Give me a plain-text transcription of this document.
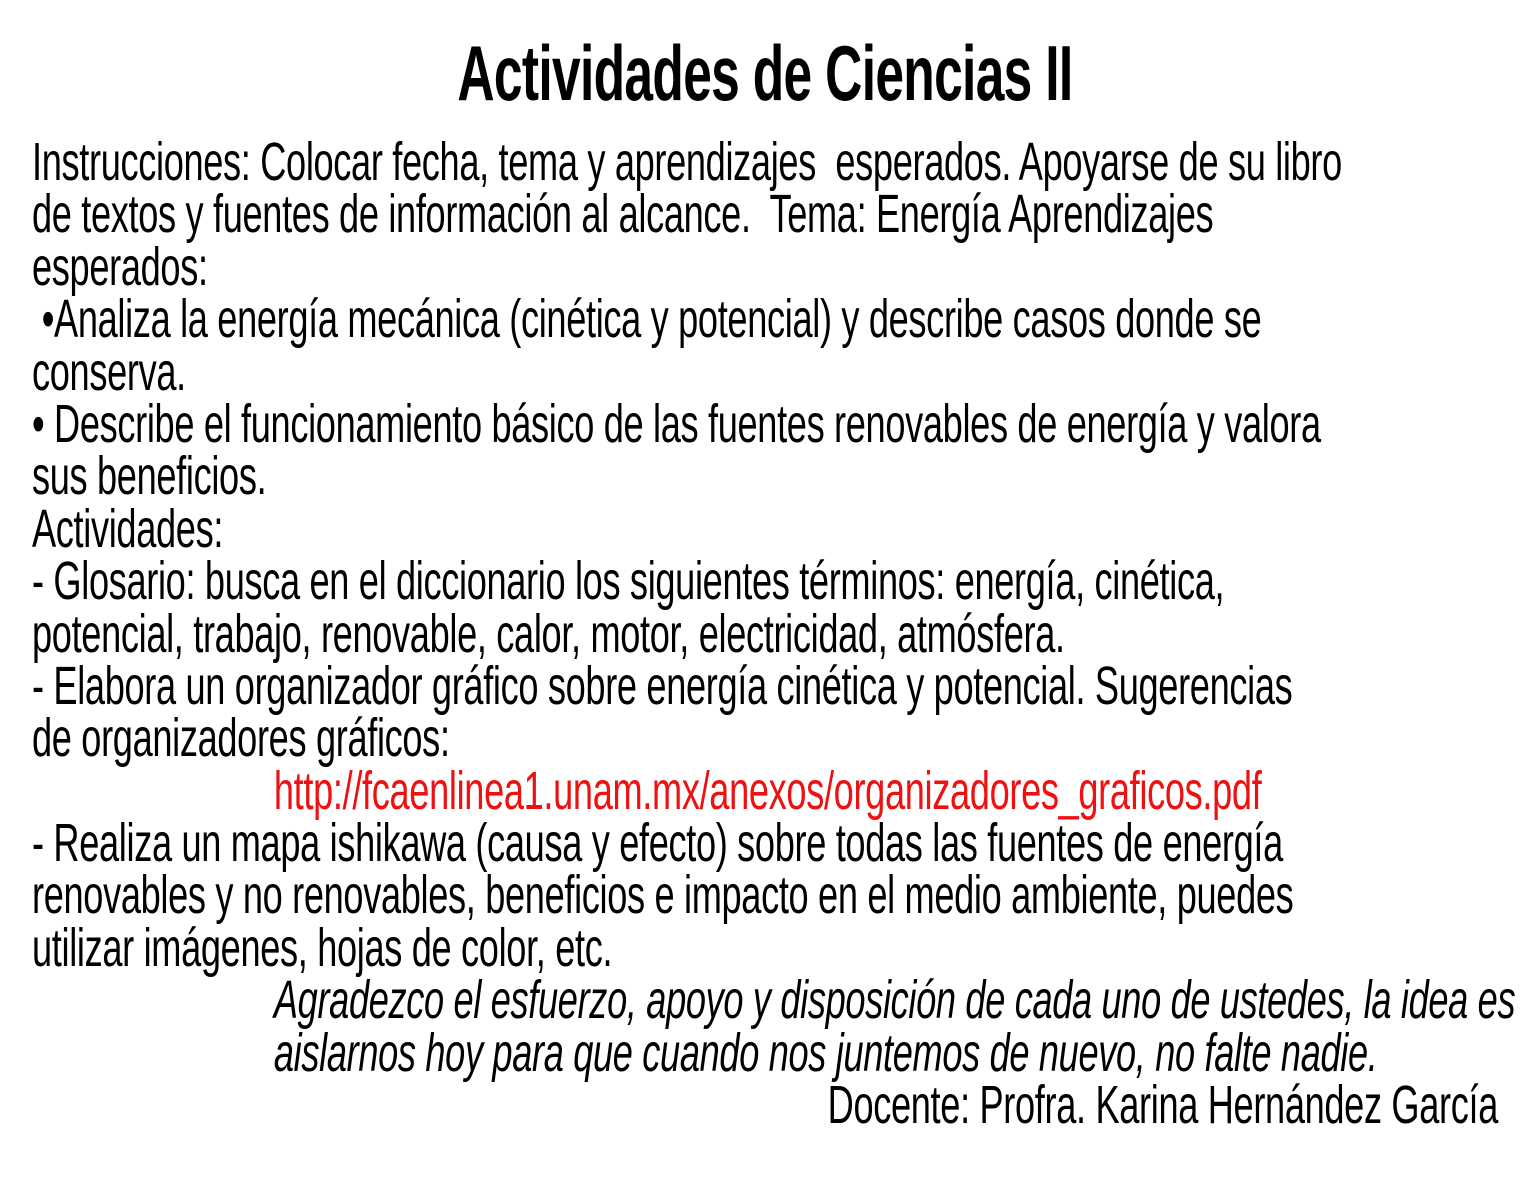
Actividades de Ciencias II
Instrucciones: Colocar fecha, tema y aprendizajes  esperados. Apoyarse de su libro
de textos y fuentes de información al alcance.  Tema: Energía Aprendizajes
esperados:
•Analiza la energía mecánica (cinética y potencial) y describe casos donde se
conserva.
• Describe el funcionamiento básico de las fuentes renovables de energía y valora
sus beneficios.
Actividades:
- Glosario: busca en el diccionario los siguientes términos: energía, cinética,
potencial, trabajo, renovable, calor, motor, electricidad, atmósfera.
- Elabora un organizador gráfico sobre energía cinética y potencial. Sugerencias
de organizadores gráficos:
http://fcaenlinea1.unam.mx/anexos/organizadores_graficos.pdf
- Realiza un mapa ishikawa (causa y efecto) sobre todas las fuentes de energía
renovables y no renovables, beneficios e impacto en el medio ambiente, puedes
utilizar imágenes, hojas de color, etc.
Agradezco el esfuerzo, apoyo y disposición de cada uno de ustedes, la idea es
aislarnos hoy para que cuando nos juntemos de nuevo, no falte nadie.
Docente: Profra. Karina Hernández García
